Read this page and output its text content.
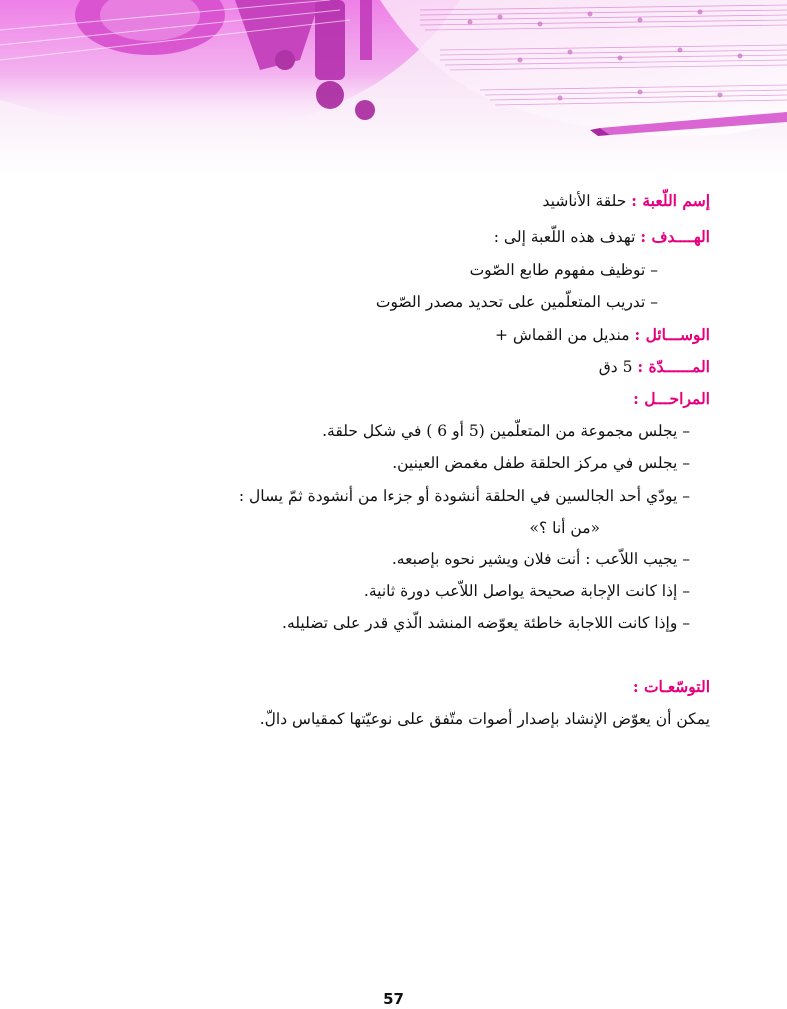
إسم اللّعبة : حلقة الأناشيد
الهــــدف : تهدف هذه اللّعبة إلى :
– توظيف مفهوم طابع الصّوت
– تدريب المتعلّمين على تحديد مصدر الصّوت
الوســـائل : منديل من القماش +
المــــــدّة : 5 دق
المراحـــل :
– يجلس مجموعة من المتعلّمين (5 أو 6 ) في شكل حلقة.
– يجلس في مركز الحلقة طفل مغمض العينين.
– يودّي أحد الجالسين في الحلقة أنشودة أو جزءا من أنشودة ثمّ يسال :
«من أنا ؟»
– يجيب اللاّعب : أنت فلان ويشير نحوه بإصبعه.
– إذا كانت الإجابة صحيحة يواصل اللاّعب دورة ثانية.
– وإذا كانت اللاجابة خاطئة يعوّضه المنشد الّذي قدر على تضليله.
التوسّعـات :
يمكن أن يعوّض الإنشاد بإصدار أصوات متّفق على نوعيّتها كمقياس دالّ.
57
